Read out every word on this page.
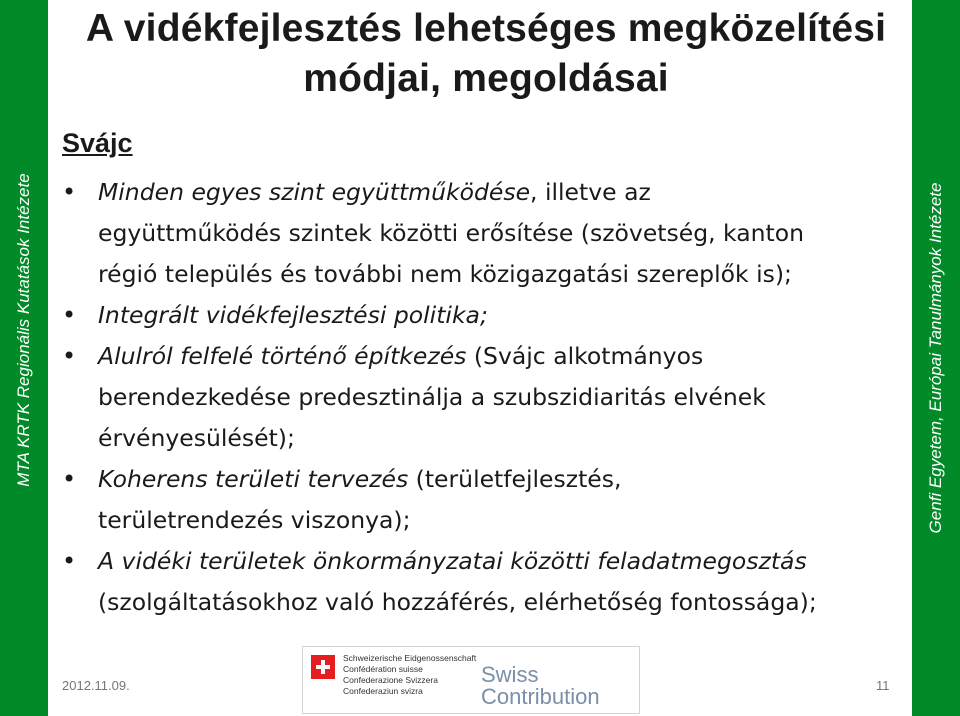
MTA KRTK Regionális Kutatások Intézete	Genfi Egyetem, Európai Tanulmányok Intézete
A vidékfejlesztés lehetséges megközelítési
módjai, megoldásai
Svájc
• Minden egyes szint együttműködése, illetve az
együttműködés szintek közötti erősítése (szövetség, kanton
régió település és további nem közigazgatási szereplők is);
• Integrált vidékfejlesztési politika;
• Alulról felfelé történő építkezés (Svájc alkotmányos
berendezkedése predesztinálja a szubszidiaritás elvének
érvényesülését);
• Koherens területi tervezés (területfejlesztés,
területrendezés viszonya);
• A vidéki területek önkormányzatai közötti feladatmegosztás
(szolgáltatásokhoz való hozzáférés, elérhetőség fontossága);
Schweizerische Eidgenossenschaft
Confédération suisse
Confederazione Svizzera
Confederaziun svizra
Swiss
Contribution
2012.11.09.	11
